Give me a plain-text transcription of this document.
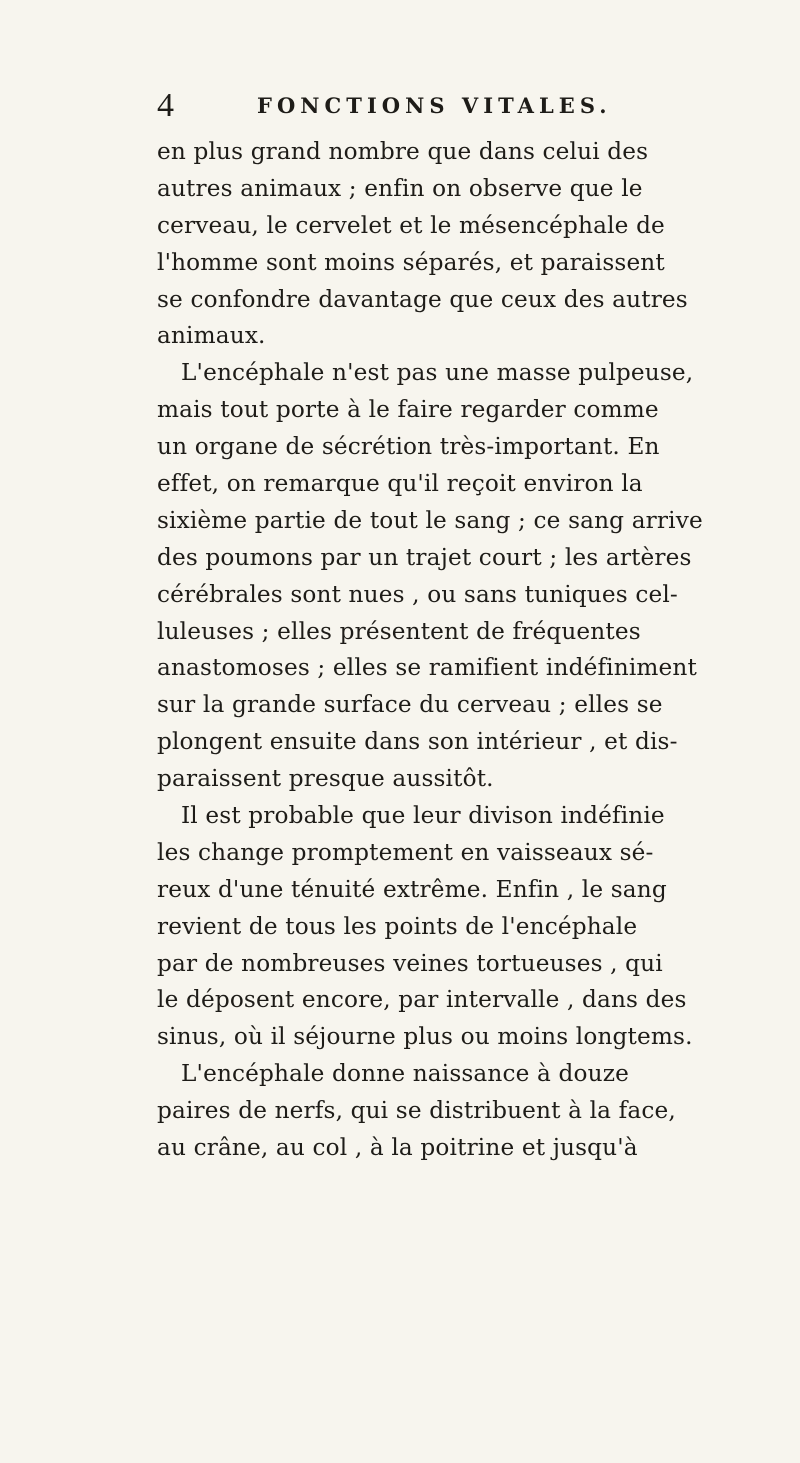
4	FONCTIONS VITALES.
en plus grand nombre que dans celui des
autres animaux ; enfin on observe que le
cerveau, le cervelet et le mésencéphale de
l'homme sont moins séparés, et paraissent
se confondre davantage que ceux des autres
animaux.
L'encéphale n'est pas une masse pulpeuse,
mais tout porte à le faire regarder comme
un organe de sécrétion très-important. En
effet, on remarque qu'il reçoit environ la
sixième partie de tout le sang ; ce sang arrive
des poumons par un trajet court ; les artères
cérébrales sont nues , ou sans tuniques cel-
luleuses ; elles présentent de fréquentes
anastomoses ; elles se ramifient indéfiniment
sur la grande surface du cerveau ; elles se
plongent ensuite dans son intérieur , et dis-
paraissent presque aussitôt.
Il est probable que leur divison indéfinie
les change promptement en vaisseaux sé-
reux d'une ténuité extrême. Enfin , le sang
revient de tous les points de l'encéphale
par de nombreuses veines tortueuses , qui
le déposent encore, par intervalle , dans des
sinus, où il séjourne plus ou moins longtems.
L'encéphale donne naissance à douze
paires de nerfs, qui se distribuent à la face,
au crâne, au col , à la poitrine et jusqu'à
